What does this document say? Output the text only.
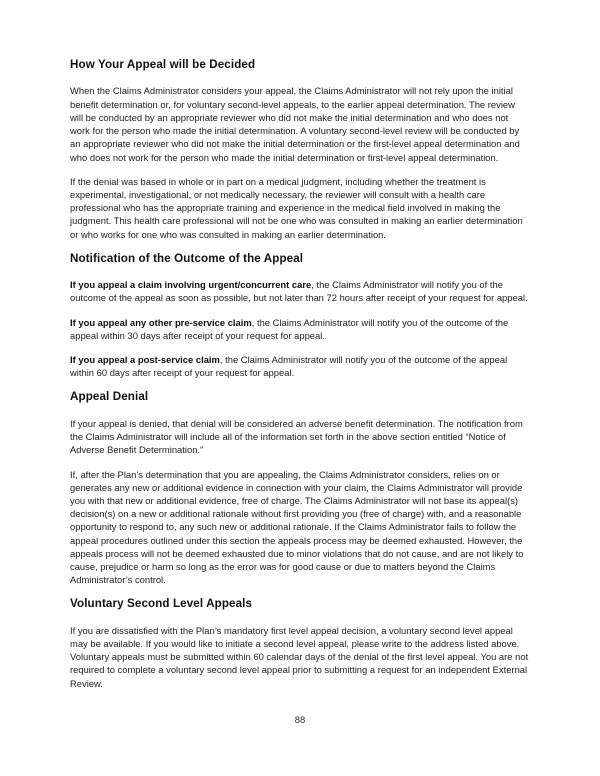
How Your Appeal will be Decided

When the Claims Administrator considers your appeal, the Claims Administrator will not rely upon the initial benefit determination or, for voluntary second-level appeals, to the earlier appeal determination. The review will be conducted by an appropriate reviewer who did not make the initial determination and who does not work for the person who made the initial determination. A voluntary second-level review will be conducted by an appropriate reviewer who did not make the initial determination or the first-level appeal determination and who does not work for the person who made the initial determination or first-level appeal determination.

If the denial was based in whole or in part on a medical judgment, including whether the treatment is experimental, investigational, or not medically necessary, the reviewer will consult with a health care professional who has the appropriate training and experience in the medical field involved in making the judgment. This health care professional will not be one who was consulted in making an earlier determination or who works for one who was consulted in making an earlier determination.

Notification of the Outcome of the Appeal

If you appeal a claim involving urgent/concurrent care, the Claims Administrator will notify you of the outcome of the appeal as soon as possible, but not later than 72 hours after receipt of your request for appeal.

If you appeal any other pre-service claim, the Claims Administrator will notify you of the outcome of the appeal within 30 days after receipt of your request for appeal.

If you appeal a post-service claim, the Claims Administrator will notify you of the outcome of the appeal within 60 days after receipt of your request for appeal.

Appeal Denial

If your appeal is denied, that denial will be considered an adverse benefit determination. The notification from the Claims Administrator will include all of the information set forth in the above section entitled “Notice of Adverse Benefit Determination.”

If, after the Plan’s determination that you are appealing, the Claims Administrator considers, relies on or generates any new or additional evidence in connection with your claim, the Claims Administrator will provide you with that new or additional evidence, free of charge. The Claims Administrator will not base its appeal(s) decision(s) on a new or additional rationale without first providing you (free of charge) with, and a reasonable opportunity to respond to, any such new or additional rationale. If the Claims Administrator fails to follow the appeal procedures outlined under this section the appeals process may be deemed exhausted. However, the appeals process will not be deemed exhausted due to minor violations that do not cause, and are not likely to cause, prejudice or harm so long as the error was for good cause or due to matters beyond the Claims Administrator’s control.

Voluntary Second Level Appeals

If you are dissatisfied with the Plan’s mandatory first level appeal decision, a voluntary second level appeal may be available. If you would like to initiate a second level appeal, please write to the address listed above. Voluntary appeals must be submitted within 60 calendar days of the denial of the first level appeal. You are not required to complete a voluntary second level appeal prior to submitting a request for an independent External Review.

88
